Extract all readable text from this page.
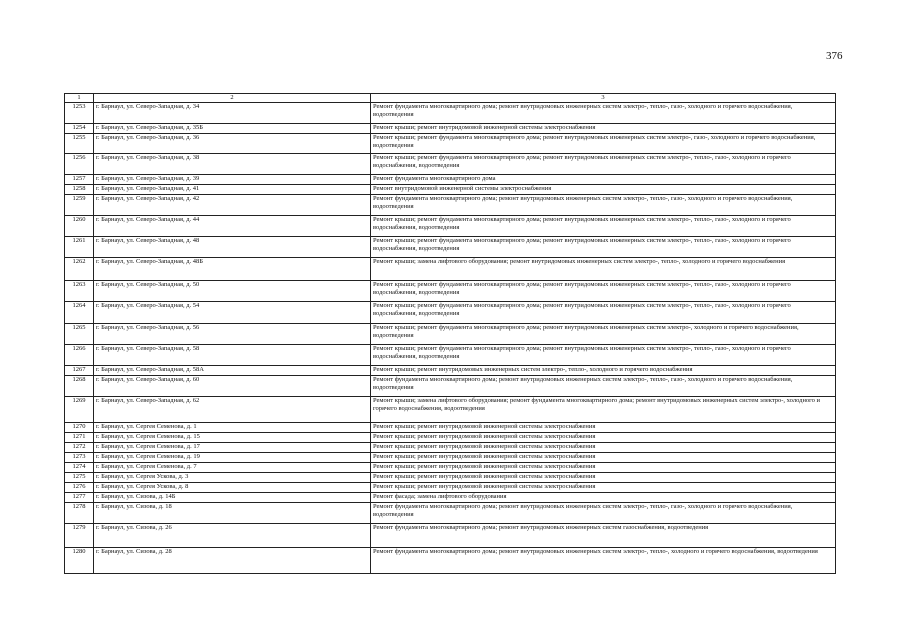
376
1	2	3
1253	г. Барнаул, ул. Северо-Западная, д. 34	Ремонт фундамента многоквартирного дома; ремонт внутридомовых инженерных систем электро-, тепло-, газо-, холодного и горячего водоснабжения, водоотведения
1254	г. Барнаул, ул. Северо-Западная, д. 35Б	Ремонт крыши; ремонт внутридомовой инженерной системы электроснабжения
1255	г. Барнаул, ул. Северо-Западная, д. 36	Ремонт крыши; ремонт фундамента многоквартирного дома; ремонт внутридомовых инженерных систем электро-, газо-, холодного и горячего водоснабжения, водоотведения
1256	г. Барнаул, ул. Северо-Западная, д. 38	Ремонт крыши; ремонт фундамента многоквартирного дома; ремонт внутридомовых инженерных систем электро-, тепло-, газо-, холодного и горячего водоснабжения, водоотведения
1257	г. Барнаул, ул. Северо-Западная, д. 39	Ремонт фундамента многоквартирного дома
1258	г. Барнаул, ул. Северо-Западная, д. 41	Ремонт внутридомовой инженерной системы электроснабжения
1259	г. Барнаул, ул. Северо-Западная, д. 42	Ремонт фундамента многоквартирного дома; ремонт внутридомовых инженерных систем электро-, тепло-, газо-, холодного и горячего водоснабжения, водоотведения
1260	г. Барнаул, ул. Северо-Западная, д. 44	Ремонт крыши; ремонт фундамента многоквартирного дома; ремонт внутридомовых инженерных систем электро-, тепло-, газо-, холодного и горячего водоснабжения, водоотведения
1261	г. Барнаул, ул. Северо-Западная, д. 48	Ремонт крыши; ремонт фундамента многоквартирного дома; ремонт внутридомовых инженерных систем электро-, тепло-, газо-, холодного и горячего водоснабжения, водоотведения
1262	г. Барнаул, ул. Северо-Западная, д. 48Б	Ремонт крыши; замена лифтового оборудования; ремонт внутридомовых инженерных систем электро-, тепло-, холодного и горячего водоснабжения
1263	г. Барнаул, ул. Северо-Западная, д. 50	Ремонт крыши; ремонт фундамента многоквартирного дома; ремонт внутридомовых инженерных систем электро-, тепло-, газо-, холодного и горячего водоснабжения, водоотведения
1264	г. Барнаул, ул. Северо-Западная, д. 54	Ремонт крыши; ремонт фундамента многоквартирного дома; ремонт внутридомовых инженерных систем электро-, тепло-, газо-, холодного и горячего водоснабжения, водоотведения
1265	г. Барнаул, ул. Северо-Западная, д. 56	Ремонт крыши; ремонт фундамента многоквартирного дома; ремонт внутридомовых инженерных систем электро-, холодного и горячего водоснабжения, водоотведения
1266	г. Барнаул, ул. Северо-Западная, д. 58	Ремонт крыши; ремонт фундамента многоквартирного дома; ремонт внутридомовых инженерных систем электро-, тепло-, газо-, холодного и горячего водоснабжения, водоотведения
1267	г. Барнаул, ул. Северо-Западная, д. 58А	Ремонт крыши; ремонт внутридомовых инженерных систем электро-, тепло-, холодного и горячего водоснабжения
1268	г. Барнаул, ул. Северо-Западная, д. 60	Ремонт фундамента многоквартирного дома; ремонт внутридомовых инженерных систем электро-, тепло-, газо-, холодного и горячего водоснабжения, водоотведения
1269	г. Барнаул, ул. Северо-Западная, д. 62	Ремонт крыши; замена лифтового оборудования; ремонт фундамента многоквартирного дома; ремонт внутридомовых инженерных систем электро-, холодного и горячего водоснабжения, водоотведения
1270	г. Барнаул, ул. Сергея Семенова, д. 1	Ремонт крыши; ремонт внутридомовой инженерной системы электроснабжения
1271	г. Барнаул, ул. Сергея Семенова, д. 15	Ремонт крыши; ремонт внутридомовой инженерной системы электроснабжения
1272	г. Барнаул, ул. Сергея Семенова, д. 17	Ремонт крыши; ремонт внутридомовой инженерной системы электроснабжения
1273	г. Барнаул, ул. Сергея Семенова, д. 19	Ремонт крыши; ремонт внутридомовой инженерной системы электроснабжения
1274	г. Барнаул, ул. Сергея Семенова, д. 7	Ремонт крыши; ремонт внутридомовой инженерной системы электроснабжения
1275	г. Барнаул, ул. Сергея Ускова, д. 3	Ремонт крыши; ремонт внутридомовой инженерной системы электроснабжения
1276	г. Барнаул, ул. Сергея Ускова, д. 8	Ремонт крыши; ремонт внутридомовой инженерной системы электроснабжения
1277	г. Барнаул, ул. Сизова, д. 14Б	Ремонт фасада; замена лифтового оборудования
1278	г. Барнаул, ул. Сизова, д. 18	Ремонт фундамента многоквартирного дома; ремонт внутридомовых инженерных систем электро-, тепло-, газо-, холодного и горячего водоснабжения, водоотведения
1279	г. Барнаул, ул. Сизова, д. 26	Ремонт фундамента многоквартирного дома; ремонт внутридомовых инженерных систем газоснабжения, водоотведения
1280	г. Барнаул, ул. Сизова, д. 28	Ремонт фундамента многоквартирного дома; ремонт внутридомовых инженерных систем электро-, тепло-, холодного и горячего водоснабжения, водоотведения
